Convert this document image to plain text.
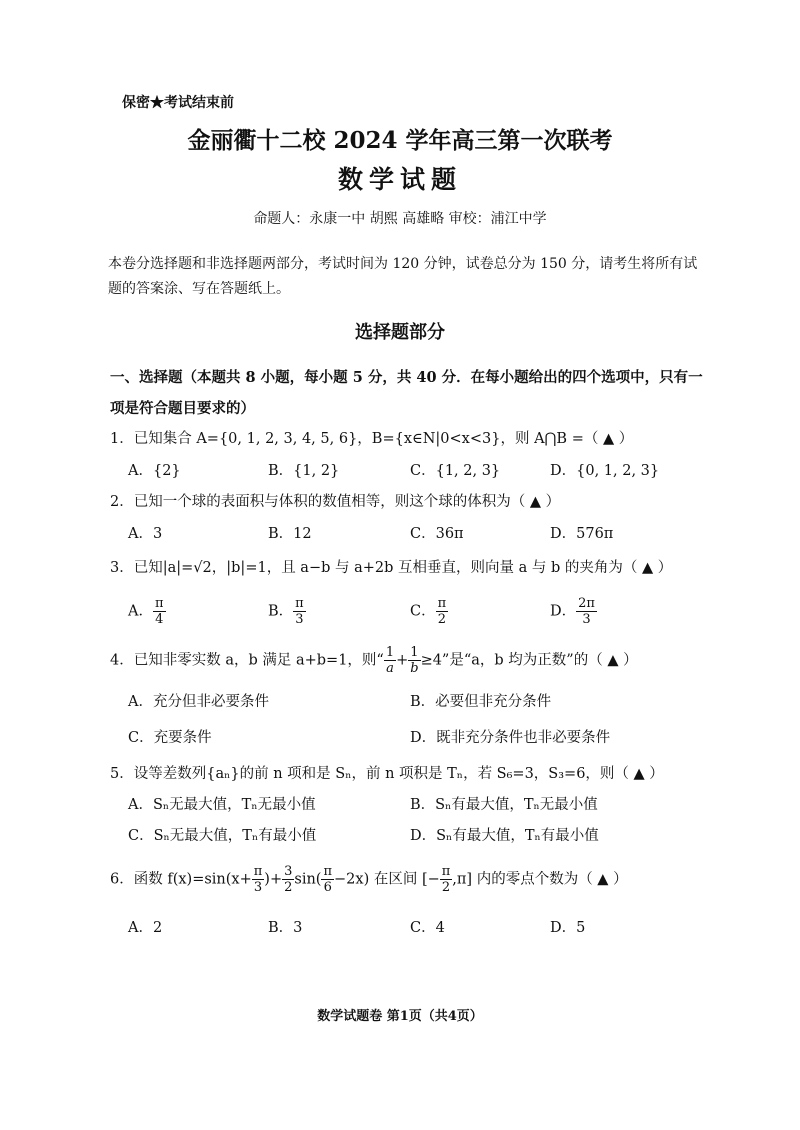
保密★考试结束前
金丽衢十二校 2024 学年高三第一次联考
数学试题
命题人：永康一中 胡熙 高雄略 审校：浦江中学
本卷分选择题和非选择题两部分，考试时间为 120 分钟，试卷总分为 150 分，请考生将所有试题的答案涂、写在答题纸上。
选择题部分
一、选择题（本题共 8 小题，每小题 5 分，共 40 分．在每小题给出的四个选项中，只有一
项是符合题目要求的）
1．已知集合 A={0, 1, 2, 3, 4, 5, 6}，B={x∈N|0<x<3}，则 A⋂B =（ ▲ ）
A．{2}	B．{1, 2}	C．{1, 2, 3}	D．{0, 1, 2, 3}
2．已知一个球的表面积与体积的数值相等，则这个球的体积为（ ▲ ）
A．3	B．12	C．36π	D．576π
3．已知|a|=√2，|b|=1，且 a−b 与 a+2b 互相垂直，则向量 a 与 b 的夹角为（ ▲ ）
A． $\frac{\pi}{4}$	B． $\frac{\pi}{3}$	C． $\frac{\pi}{2}$	D． $\frac{2\pi}{3}$
4．已知非零实数 a，b 满足 a+b=1，则“ $\frac{1}{a} + \frac{1}{b} \ge 4$”是“a，b 均为正数”的（ ▲ ）
A．充分但非必要条件	B．必要但非充分条件
C．充要条件	D．既非充分条件也非必要条件
5．设等差数列{aₙ}的前 n 项和是 Sₙ，前 n 项积是 Tₙ，若 S₆=3，S₃=6，则（ ▲ ）
A．Sₙ无最大值，Tₙ无最小值	B．Sₙ有最大值，Tₙ无最小值
C．Sₙ无最大值，Tₙ有最小值	D．Sₙ有最大值，Tₙ有最小值
6．函数 $f(x)=\sin(x+ \frac{\pi}{3}$ )+ $\frac{3}{2} \sin( \frac{\pi}{6} -2x)$ 在区间 [− $\frac{\pi}{2} ,\pi$] 内的零点个数为（ ▲ ）
A．2	B．3	C．4	D．5
数学试题卷 第1页（共4页）
